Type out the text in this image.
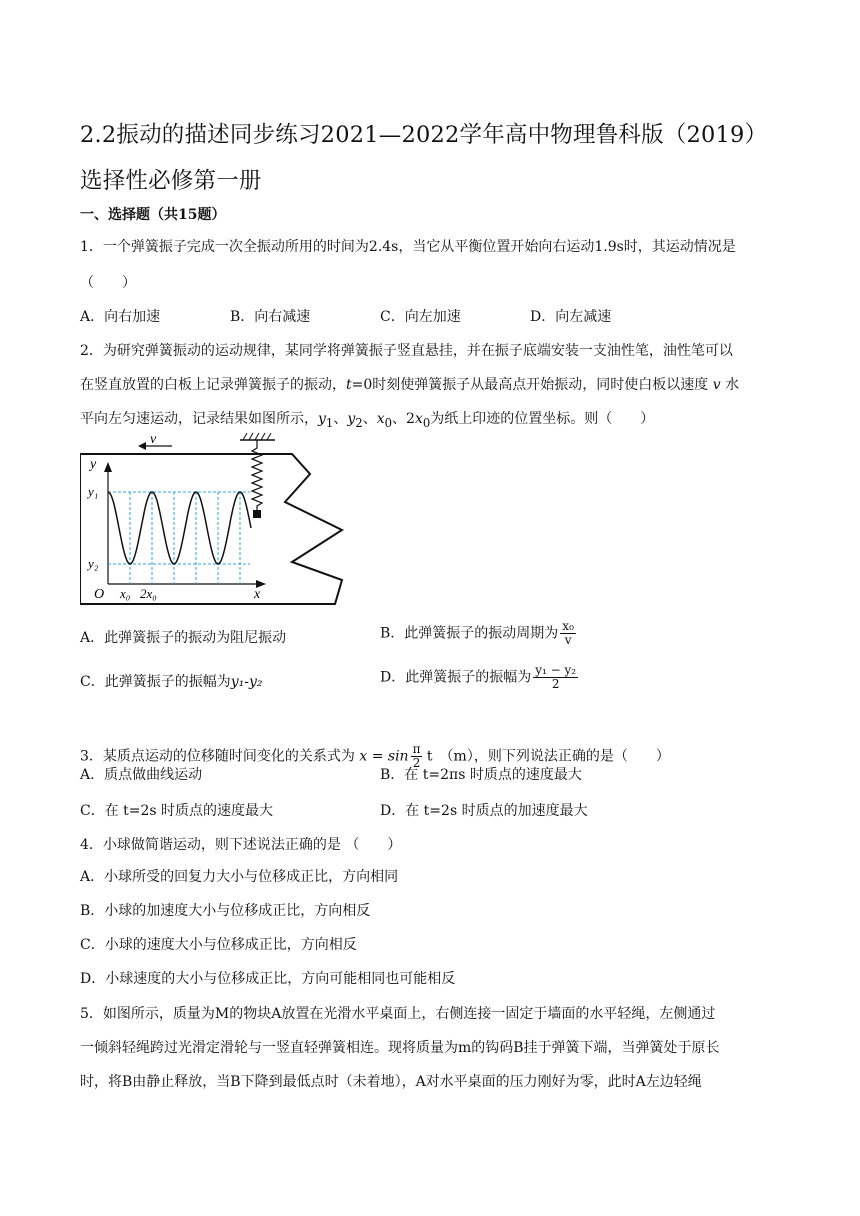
2.2振动的描述同步练习2021—2022学年高中物理鲁科版（2019）选择性必修第一册
一、选择题（共15题）
1．一个弹簧振子完成一次全振动所用的时间为2.4s，当它从平衡位置开始向右运动1.9s时，其运动情况是
（　　）
A．向右加速	B．向右减速	C．向左加速	D．向左减速
2．为研究弹簧振动的运动规律，某同学将弹簧振子竖直悬挂，并在振子底端安装一支油性笔，油性笔可以
在竖直放置的白板上记录弹簧振子的振动，t=0时刻使弹簧振子从最高点开始振动，同时使白板以速度 v 水
平向左匀速运动，记录结果如图所示，$y_1$、$y_2$、$x_0$、$2x_0$为纸上印迹的位置坐标。则（　　）
v
y
y₁
y₂
O x₀ 2x₀	x
A．此弹簧振子的振动为阻尼振动	B．此弹簧振子的振动周期为 $\frac{\text{x₀}}{v}$
C．此弹簧振子的振幅为y₁-y₂	D．此弹簧振子的振幅为 $\frac{\text{y₁ − y₂}}{2}$
3．某质点运动的位移随时间变化的关系式为 $x = \sin \frac{\pi}{2}$ t　（m），则下列说法正确的是（　　）
A．质点做曲线运动	B．在 t=2πs 时质点的速度最大
C．在 t=2s 时质点的速度最大	D．在 t=2s 时质点的加速度最大
4．小球做简谐运动，则下述说法正确的是 （　　）
A．小球所受的回复力大小与位移成正比，方向相同
B．小球的加速度大小与位移成正比，方向相反
C．小球的速度大小与位移成正比，方向相反
D．小球速度的大小与位移成正比，方向可能相同也可能相反
5．如图所示，质量为M的物块A放置在光滑水平桌面上，右侧连接一固定于墙面的水平轻绳，左侧通过
一倾斜轻绳跨过光滑定滑轮与一竖直轻弹簧相连。现将质量为m的钩码B挂于弹簧下端，当弹簧处于原长
时，将B由静止释放，当B下降到最低点时（未着地），A对水平桌面的压力刚好为零，此时A左边轻绳
